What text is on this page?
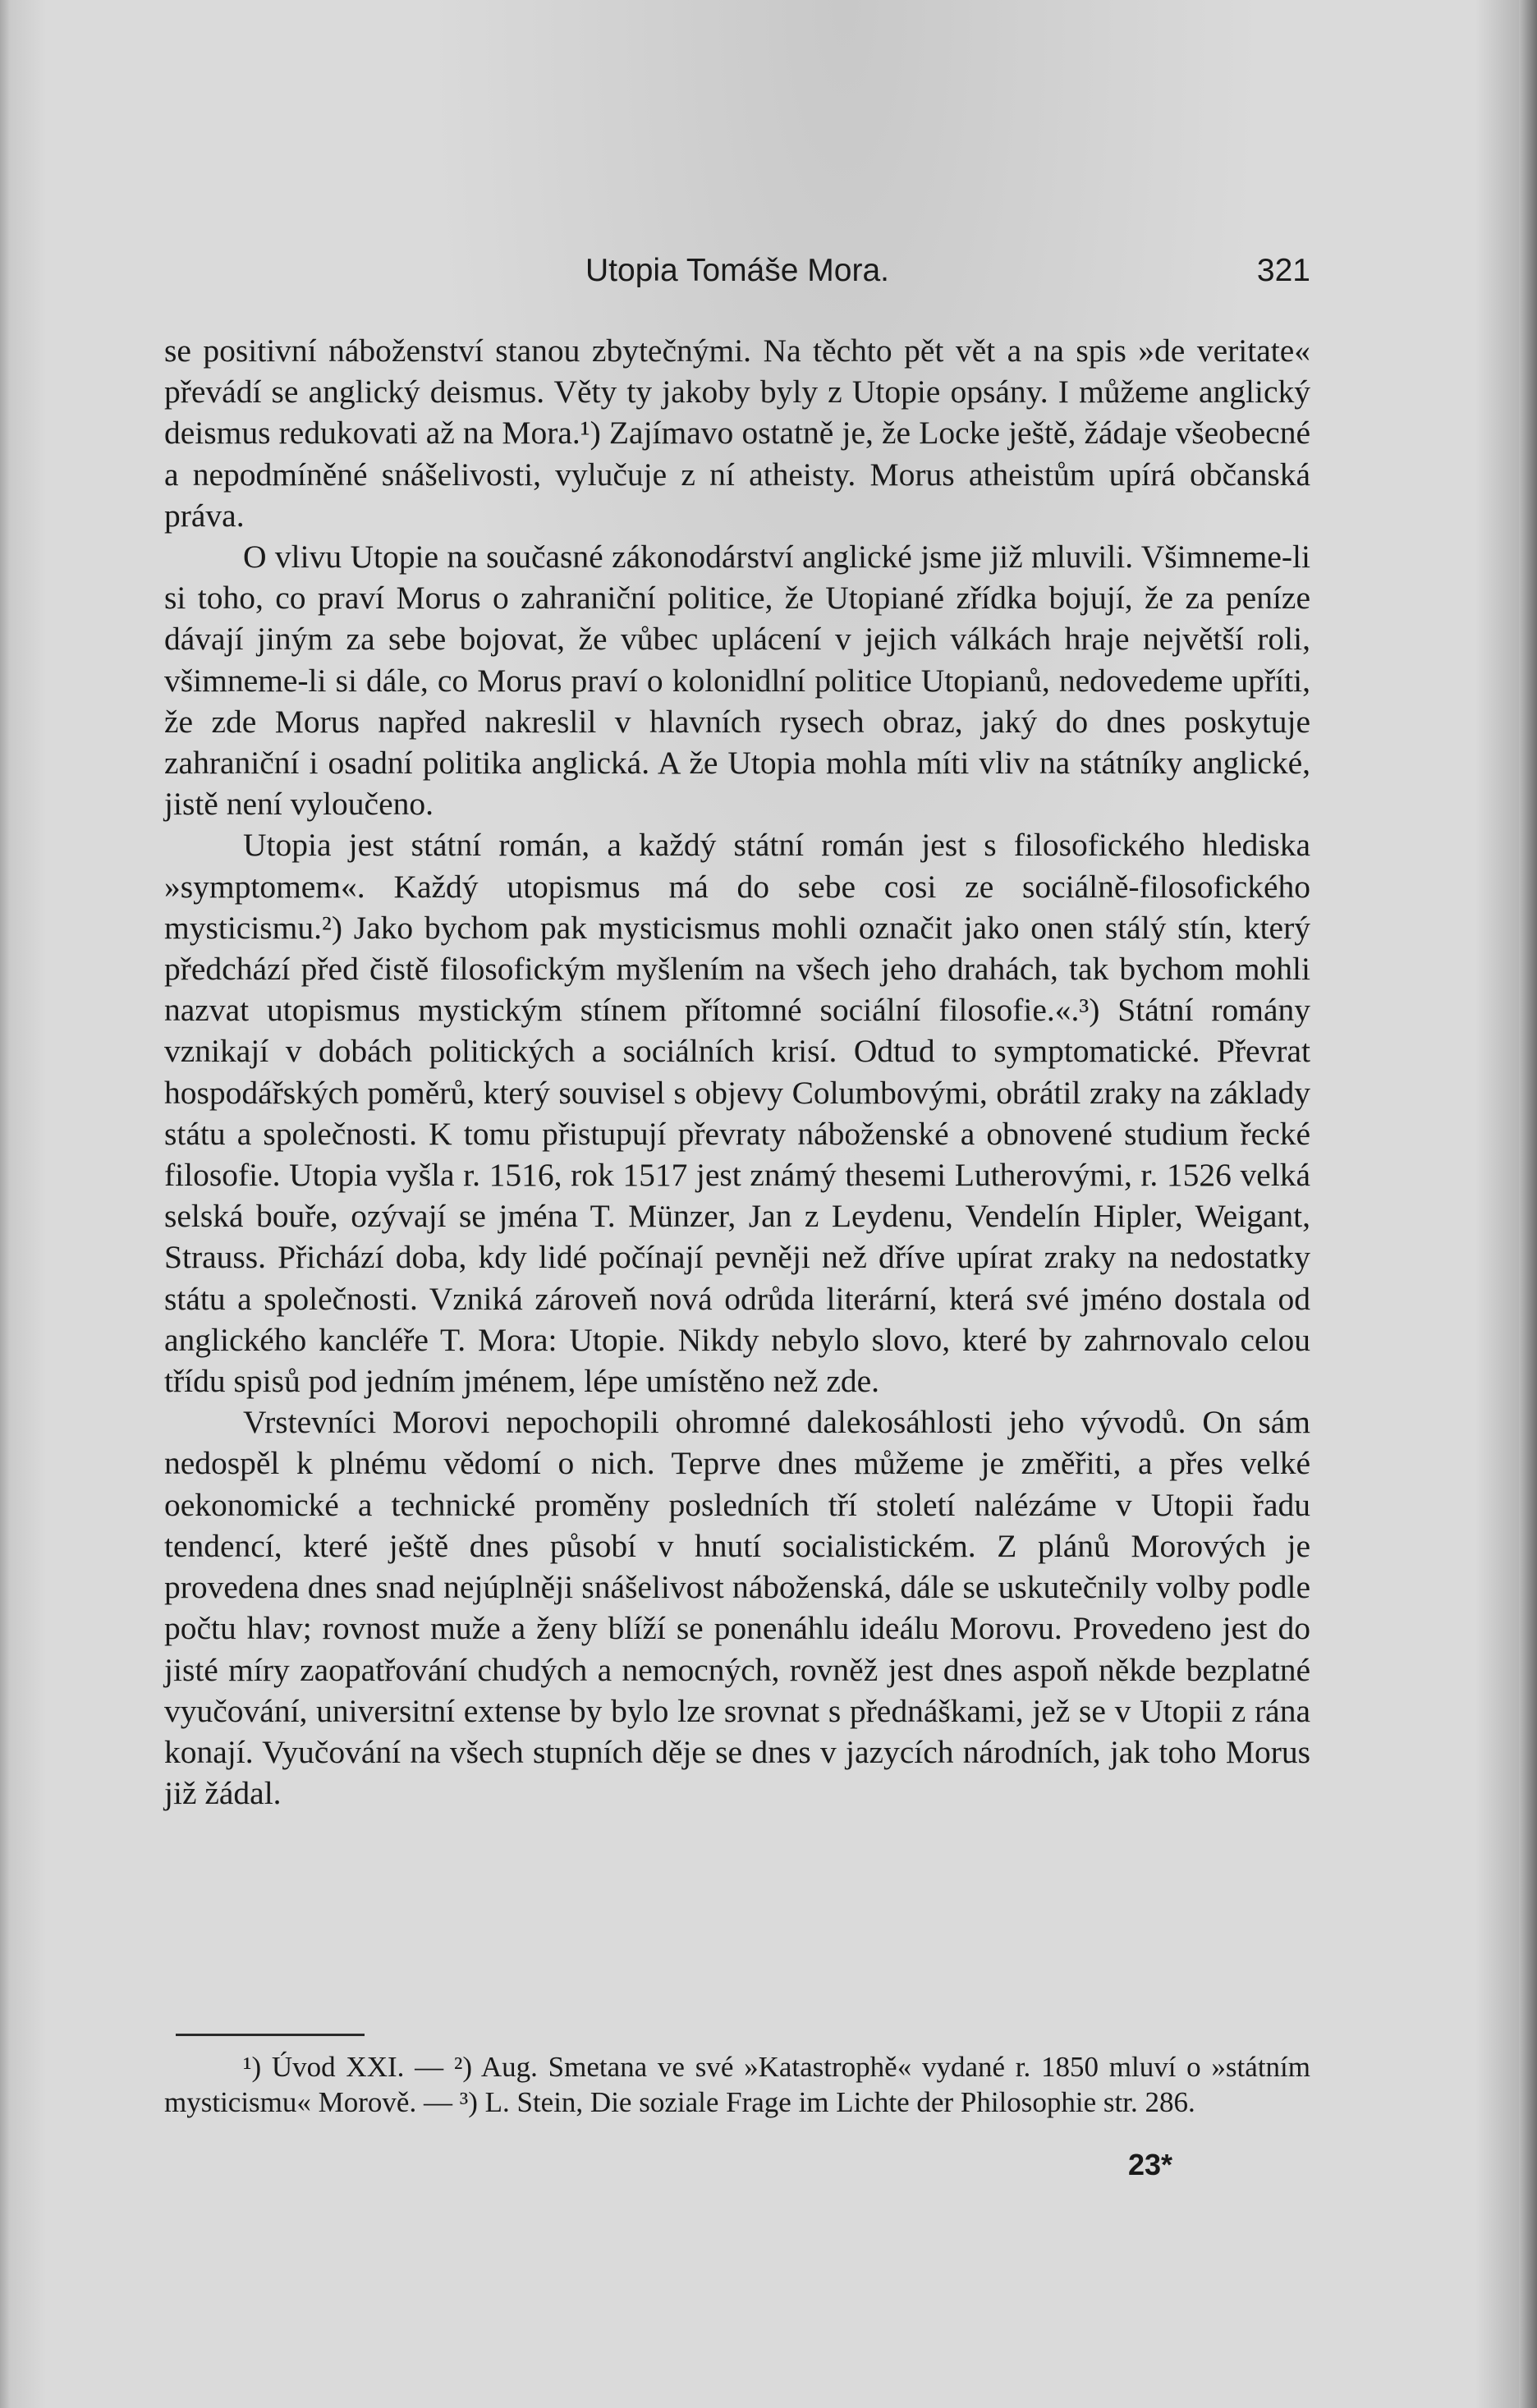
Utopia Tomáše Mora.	321

se positivní náboženství stanou zbytečnými. Na těchto pět vět a na spis »de veritate« převádí se anglický deismus. Věty ty jakoby byly z Utopie opsány. I můžeme anglický deismus redukovati až na Mora.¹) Zajímavo ostatně je, že Locke ještě, žádaje všeobecné a nepodmíněné snášelivosti, vylučuje z ní atheisty. Morus atheistům upírá občanská práva.

O vlivu Utopie na současné zákonodárství anglické jsme již mluvili. Všimneme-li si toho, co praví Morus o zahraniční politice, že Utopiané zřídka bojují, že za peníze dávají jiným za sebe bojovat, že vůbec uplácení v jejich válkách hraje největší roli, všimneme-li si dále, co Morus praví o kolonidlní politice Utopianů, nedovedeme upříti, že zde Morus napřed nakreslil v hlavních rysech obraz, jaký do dnes poskytuje zahraniční i osadní politika anglická. A že Utopia mohla míti vliv na státníky anglické, jistě není vyloučeno.

Utopia jest státní román, a každý státní román jest s filosofického hlediska »symptomem«. Každý utopismus má do sebe cosi ze sociálně-filosofického mysticismu.²) Jako bychom pak mysticismus mohli označit jako onen stálý stín, který předchází před čistě filosofickým myšlením na všech jeho drahách, tak bychom mohli nazvat utopismus mystickým stínem přítomné sociální filosofie.«.³) Státní romány vznikají v dobách politických a sociálních krisí. Odtud to symptomatické. Převrat hospodářských poměrů, který souvisel s objevy Columbovými, obrátil zraky na základy státu a společnosti. K tomu přistupují převraty náboženské a obnovené studium řecké filosofie. Utopia vyšla r. 1516, rok 1517 jest známý thesemi Lutherovými, r. 1526 velká selská bouře, ozývají se jména T. Münzer, Jan z Leydenu, Vendelín Hipler, Weigant, Strauss. Přichází doba, kdy lidé počínají pevněji než dříve upírat zraky na nedostatky státu a společnosti. Vzniká zároveň nová odrůda literární, která své jméno dostala od anglického kancléře T. Mora: Utopie. Nikdy nebylo slovo, které by zahrnovalo celou třídu spisů pod jedním jménem, lépe umístěno než zde.

Vrstevníci Morovi nepochopili ohromné dalekosáhlosti jeho vývodů. On sám nedospěl k plnému vědomí o nich. Teprve dnes můžeme je změřiti, a přes velké oekonomické a technické proměny posledních tří století nalézáme v Utopii řadu tendencí, které ještě dnes působí v hnutí socialistickém. Z plánů Morových je provedena dnes snad nejúplněji snášelivost náboženská, dále se uskutečnily volby podle počtu hlav; rovnost muže a ženy blíží se ponenáhlu ideálu Morovu. Provedeno jest do jisté míry zaopatřování chudých a nemocných, rovněž jest dnes aspoň někde bezplatné vyučování, universitní extense by bylo lze srovnat s přednáškami, jež se v Utopii z rána konají. Vyučování na všech stupních děje se dnes v jazycích národních, jak toho Morus již žádal.

¹) Úvod XXI. — ²) Aug. Smetana ve své »Katastrophě« vydané r. 1850 mluví o »státním mysticismu« Morově. — ³) L. Stein, Die soziale Frage im Lichte der Philosophie str. 286.

23*
